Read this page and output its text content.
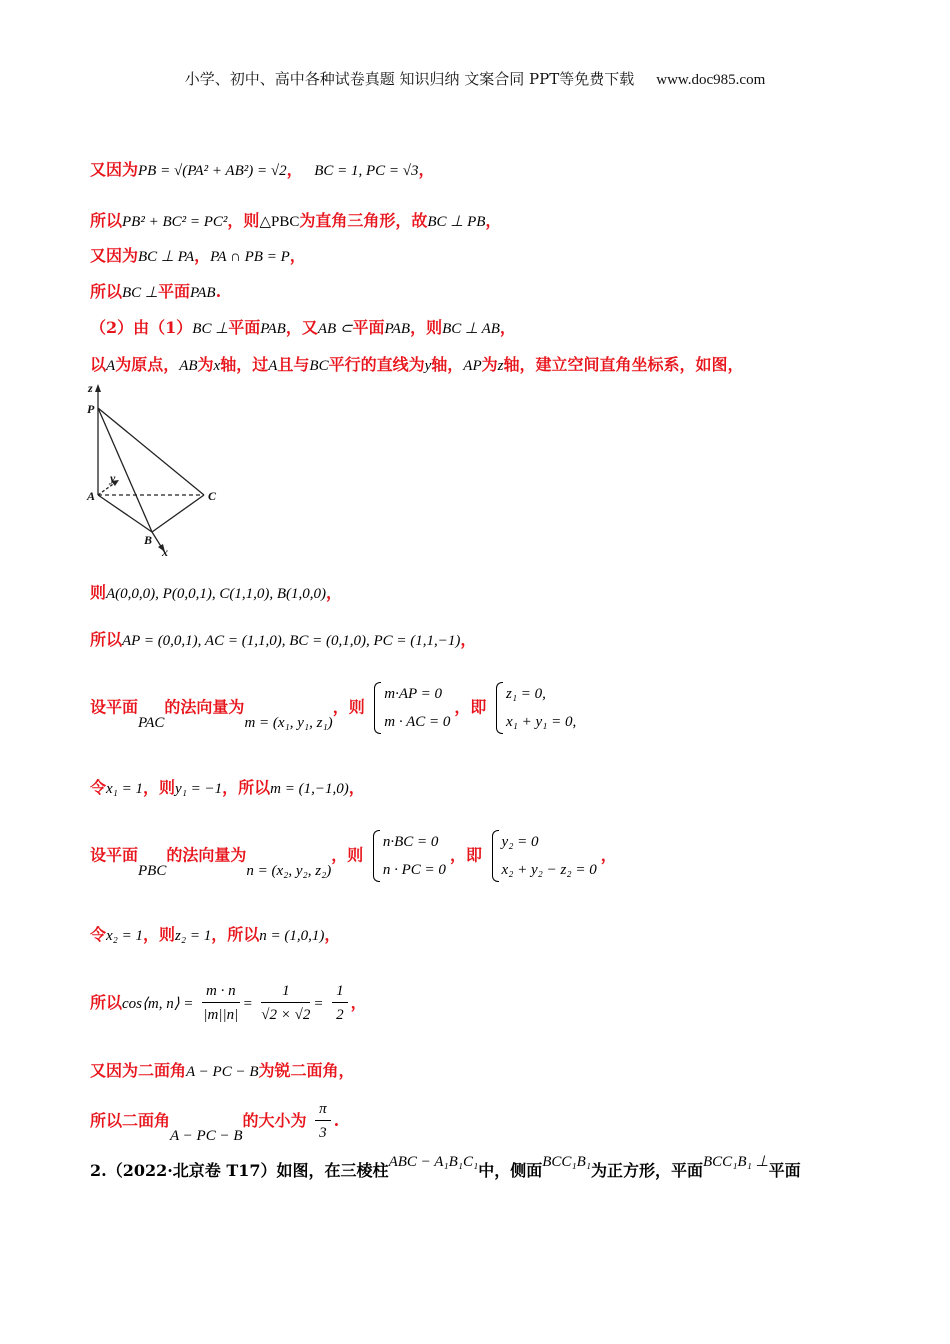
小学、初中、高中各种试卷真题 知识归纳 文案合同 PPT等免费下载 www.doc985.com
又因为PB = √(PA² + AB²) = √2， BC = 1, PC = √3，
所以PB² + BC² = PC²，则△PBC为直角三角形，故BC ⊥ PB，
又因为BC ⊥ PA，PA ∩ PB = P，
所以BC ⊥平面PAB.
（2）由（1）BC ⊥平面PAB，又AB ⊂平面PAB，则BC ⊥ AB，
以A为原点，AB为x轴，过A且与BC平行的直线为y轴，AP为z轴，建立空间直角坐标系，如图，
z
P
y
A	C
B
x
则A(0,0,0), P(0,0,1), C(1,1,0), B(1,0,0)，
所以AP = (0,0,1), AC = (1,1,0), BC = (0,1,0), PC = (1,1,−1)，
设平面PAC的法向量为m = (x₁, y₁, z₁)，则
m·AP = 0
m · AC = 0
，即
z₁ = 0,
x₁ + y₁ = 0,
令x₁ = 1，则y₁ = −1，所以m = (1,−1,0)，
设平面PBC的法向量为n = (x₂, y₂, z₂)，则
n·BC = 0
n · PC = 0
，即
y₂ = 0
x₂ + y₂ − z₂ = 0
，
令x₂ = 1，则z₂ = 1，所以n = (1,0,1)，
所以cos⟨m, n⟩ = $\frac{m \cdot n}{|m||n|} = \frac{1}{√2 \times √2} = \frac{1}{2}$ ，
又因为二面角A − PC − B为锐二面角，
所以二面角A − PC − B的大小为 $\frac{\pi}{3}$ .
2.（2022·北京卷 T17）如图，在三棱柱ABC − A₁B₁C₁中，侧面BCC₁B₁为正方形，平面BCC₁B₁ ⊥平面
